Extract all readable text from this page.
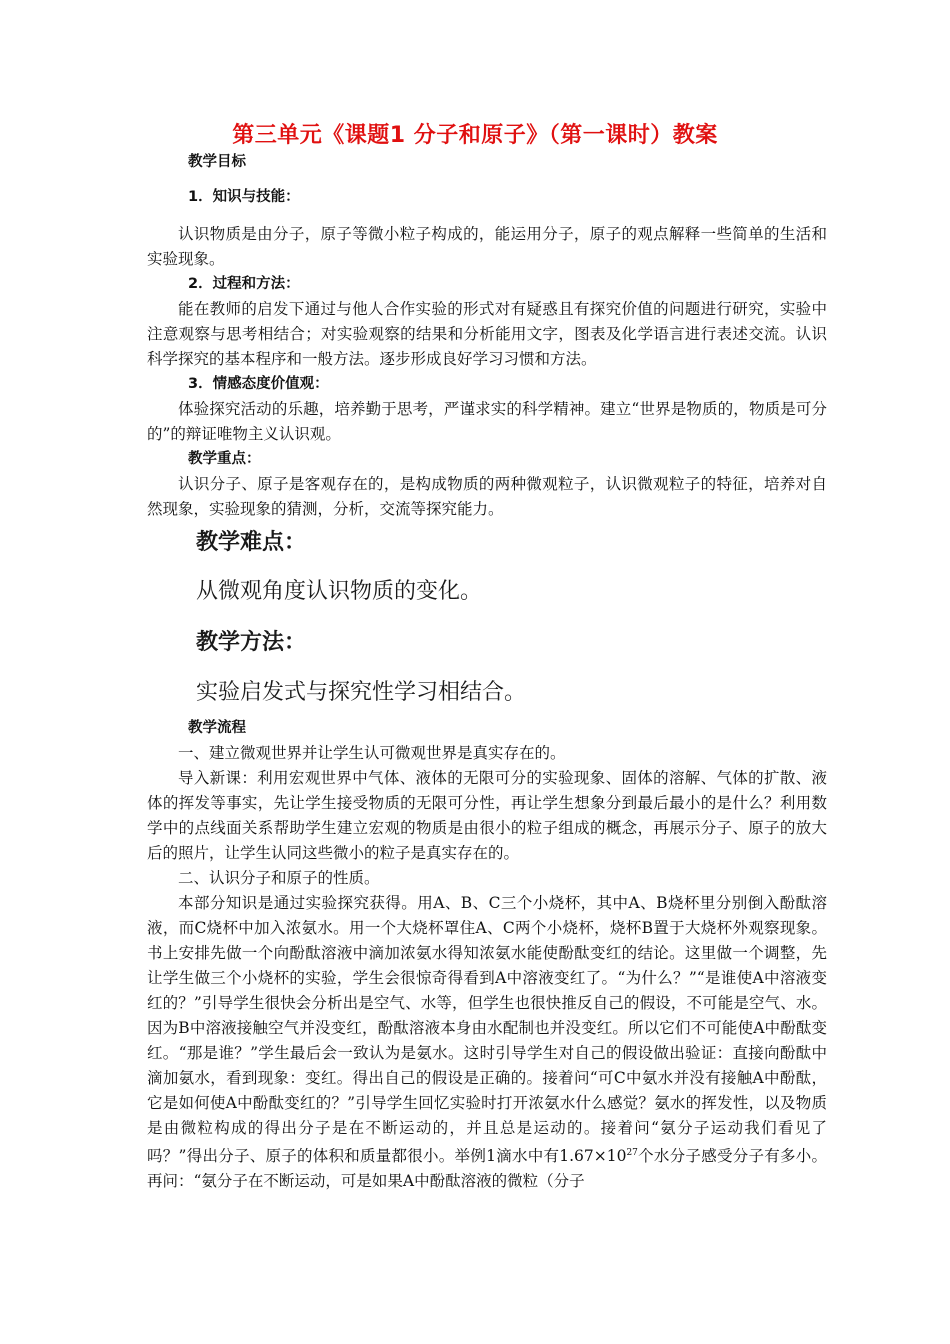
第三单元《课题1 分子和原子》（第一课时）教案
教学目标
1．知识与技能：
认识物质是由分子，原子等微小粒子构成的，能运用分子，原子的观点解释一些简单的生活和实验现象。
2．过程和方法：
能在教师的启发下通过与他人合作实验的形式对有疑惑且有探究价值的问题进行研究，实验中注意观察与思考相结合；对实验观察的结果和分析能用文字，图表及化学语言进行表述交流。认识科学探究的基本程序和一般方法。逐步形成良好学习习惯和方法。
3．情感态度价值观：
体验探究活动的乐趣，培养勤于思考，严谨求实的科学精神。建立“世界是物质的，物质是可分的”的辩证唯物主义认识观。
教学重点：
认识分子、原子是客观存在的，是构成物质的两种微观粒子，认识微观粒子的特征，培养对自然现象，实验现象的猜测，分析，交流等探究能力。
教学难点：
从微观角度认识物质的变化。
教学方法：
实验启发式与探究性学习相结合。
教学流程
一、建立微观世界并让学生认可微观世界是真实存在的。
导入新课：利用宏观世界中气体、液体的无限可分的实验现象、固体的溶解、气体的扩散、液体的挥发等事实，先让学生接受物质的无限可分性，再让学生想象分到最后最小的是什么？利用数学中的点线面关系帮助学生建立宏观的物质是由很小的粒子组成的概念，再展示分子、原子的放大后的照片，让学生认同这些微小的粒子是真实存在的。
二、认识分子和原子的性质。
本部分知识是通过实验探究获得。用A、B、C三个小烧杯，其中A、B烧杯里分别倒入酚酞溶液，而C烧杯中加入浓氨水。用一个大烧杯罩住A、C两个小烧杯，烧杯B置于大烧杯外观察现象。书上安排先做一个向酚酞溶液中滴加浓氨水得知浓氨水能使酚酞变红的结论。这里做一个调整，先让学生做三个小烧杯的实验，学生会很惊奇得看到A中溶液变红了。“为什么？”“是谁使A中溶液变红的？”引导学生很快会分析出是空气、水等，但学生也很快推反自己的假设，不可能是空气、水。因为B中溶液接触空气并没变红，酚酞溶液本身由水配制也并没变红。所以它们不可能使A中酚酞变红。“那是谁？”学生最后会一致认为是氨水。这时引导学生对自己的假设做出验证：直接向酚酞中滴加氨水，看到现象：变红。得出自己的假设是正确的。接着问“可C中氨水并没有接触A中酚酞，它是如何使A中酚酞变红的？”引导学生回忆实验时打开浓氨水什么感觉？氨水的挥发性，以及物质是由微粒构成的得出分子是在不断运动的，并且总是运动的。接着问“氨分子运动我们看见了吗？”得出分子、原子的体积和质量都很小。举例1滴水中有$1.67\times 10^{27}$个水分子感受分子有多小。再问：“氨分子在不断运动，可是如果A中酚酞溶液的微粒（分子
